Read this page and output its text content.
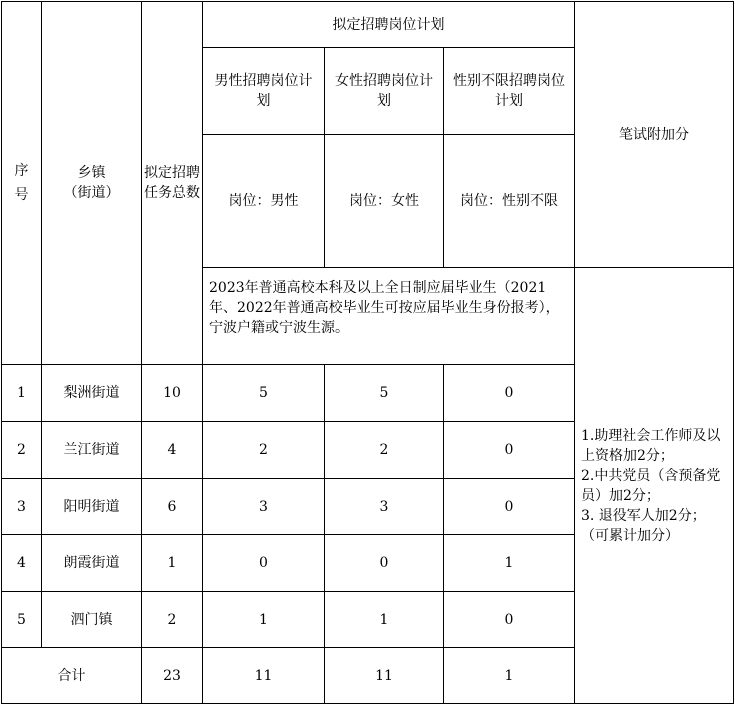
序号
乡镇
（街道）
拟定招聘任务总数
拟定招聘岗位计划
男性招聘岗位计划
女性招聘岗位计划
性别不限招聘岗位计划
岗位：男性	岗位：女性	岗位：性别不限
笔试附加分
2023年普通高校本科及以上全日制应届毕业生（2021年、2022年普通高校毕业生可按应届毕业生身份报考），宁波户籍或宁波生源。
1	梨洲街道	10	5	5	0
2	兰江街道	4	2	2	0
3	阳明街道	6	3	3	0
4	朗霞街道	1	0	0	1
5	泗门镇	2	1	1	0
合计	23	11	11	1
1.助理社会工作师及以上资格加2分；
2.中共党员（含预备党员）加2分；
3. 退役军人加2分；
（可累计加分）
